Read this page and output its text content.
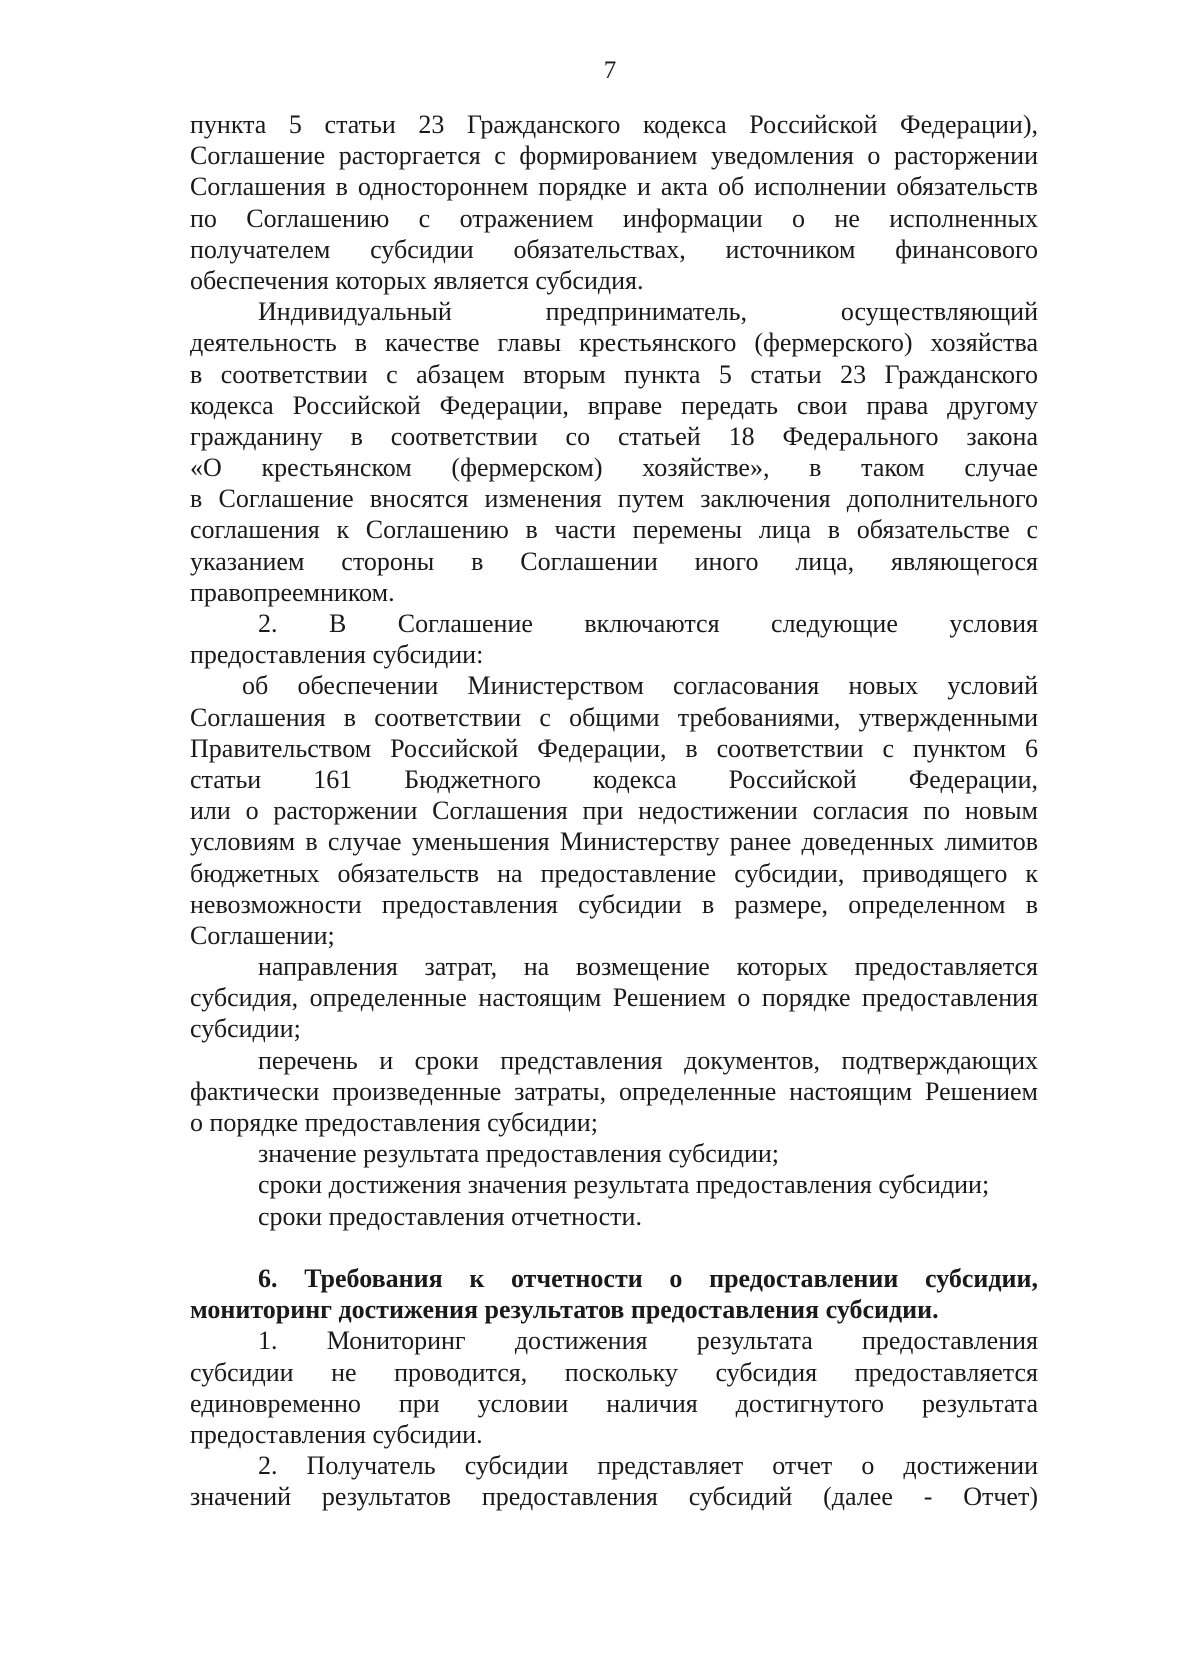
7
пункта 5 статьи 23 Гражданского кодекса Российской Федерации),
Соглашение расторгается с формированием уведомления о расторжении
Соглашения в одностороннем порядке и акта об исполнении обязательств
по Соглашению с отражением информации о не исполненных
получателем субсидии обязательствах, источником финансового
обеспечения которых является субсидия.
Индивидуальный предприниматель, осуществляющий
деятельность в качестве главы крестьянского (фермерского) хозяйства
в соответствии с абзацем вторым пункта 5 статьи 23 Гражданского
кодекса Российской Федерации, вправе передать свои права другому
гражданину в соответствии со статьей 18 Федерального закона
«О крестьянском (фермерском) хозяйстве», в таком случае
в Соглашение вносятся изменения путем заключения дополнительного
соглашения к Соглашению в части перемены лица в обязательстве с
указанием стороны в Соглашении иного лица, являющегося
правопреемником.
2. В Соглашение включаются следующие условия
предоставления субсидии:
об обеспечении Министерством согласования новых условий
Соглашения в соответствии с общими требованиями, утвержденными
Правительством Российской Федерации, в соответствии с пунктом 6
статьи 161 Бюджетного кодекса Российской Федерации,
или о расторжении Соглашения при недостижении согласия по новым
условиям в случае уменьшения Министерству ранее доведенных лимитов
бюджетных обязательств на предоставление субсидии, приводящего к
невозможности предоставления субсидии в размере, определенном в
Соглашении;
направления затрат, на возмещение которых предоставляется
субсидия, определенные настоящим Решением о порядке предоставления
субсидии;
перечень и сроки представления документов, подтверждающих
фактически произведенные затраты, определенные настоящим Решением
о порядке предоставления субсидии;
значение результата предоставления субсидии;
сроки достижения значения результата предоставления субсидии;
сроки предоставления отчетности.
6. Требования к отчетности о предоставлении субсидии,
мониторинг достижения результатов предоставления субсидии.
1. Мониторинг достижения результата предоставления
субсидии не проводится, поскольку субсидия предоставляется
единовременно при условии наличия достигнутого результата
предоставления субсидии.
2. Получатель субсидии представляет отчет о достижении
значений результатов предоставления субсидий (далее - Отчет)
